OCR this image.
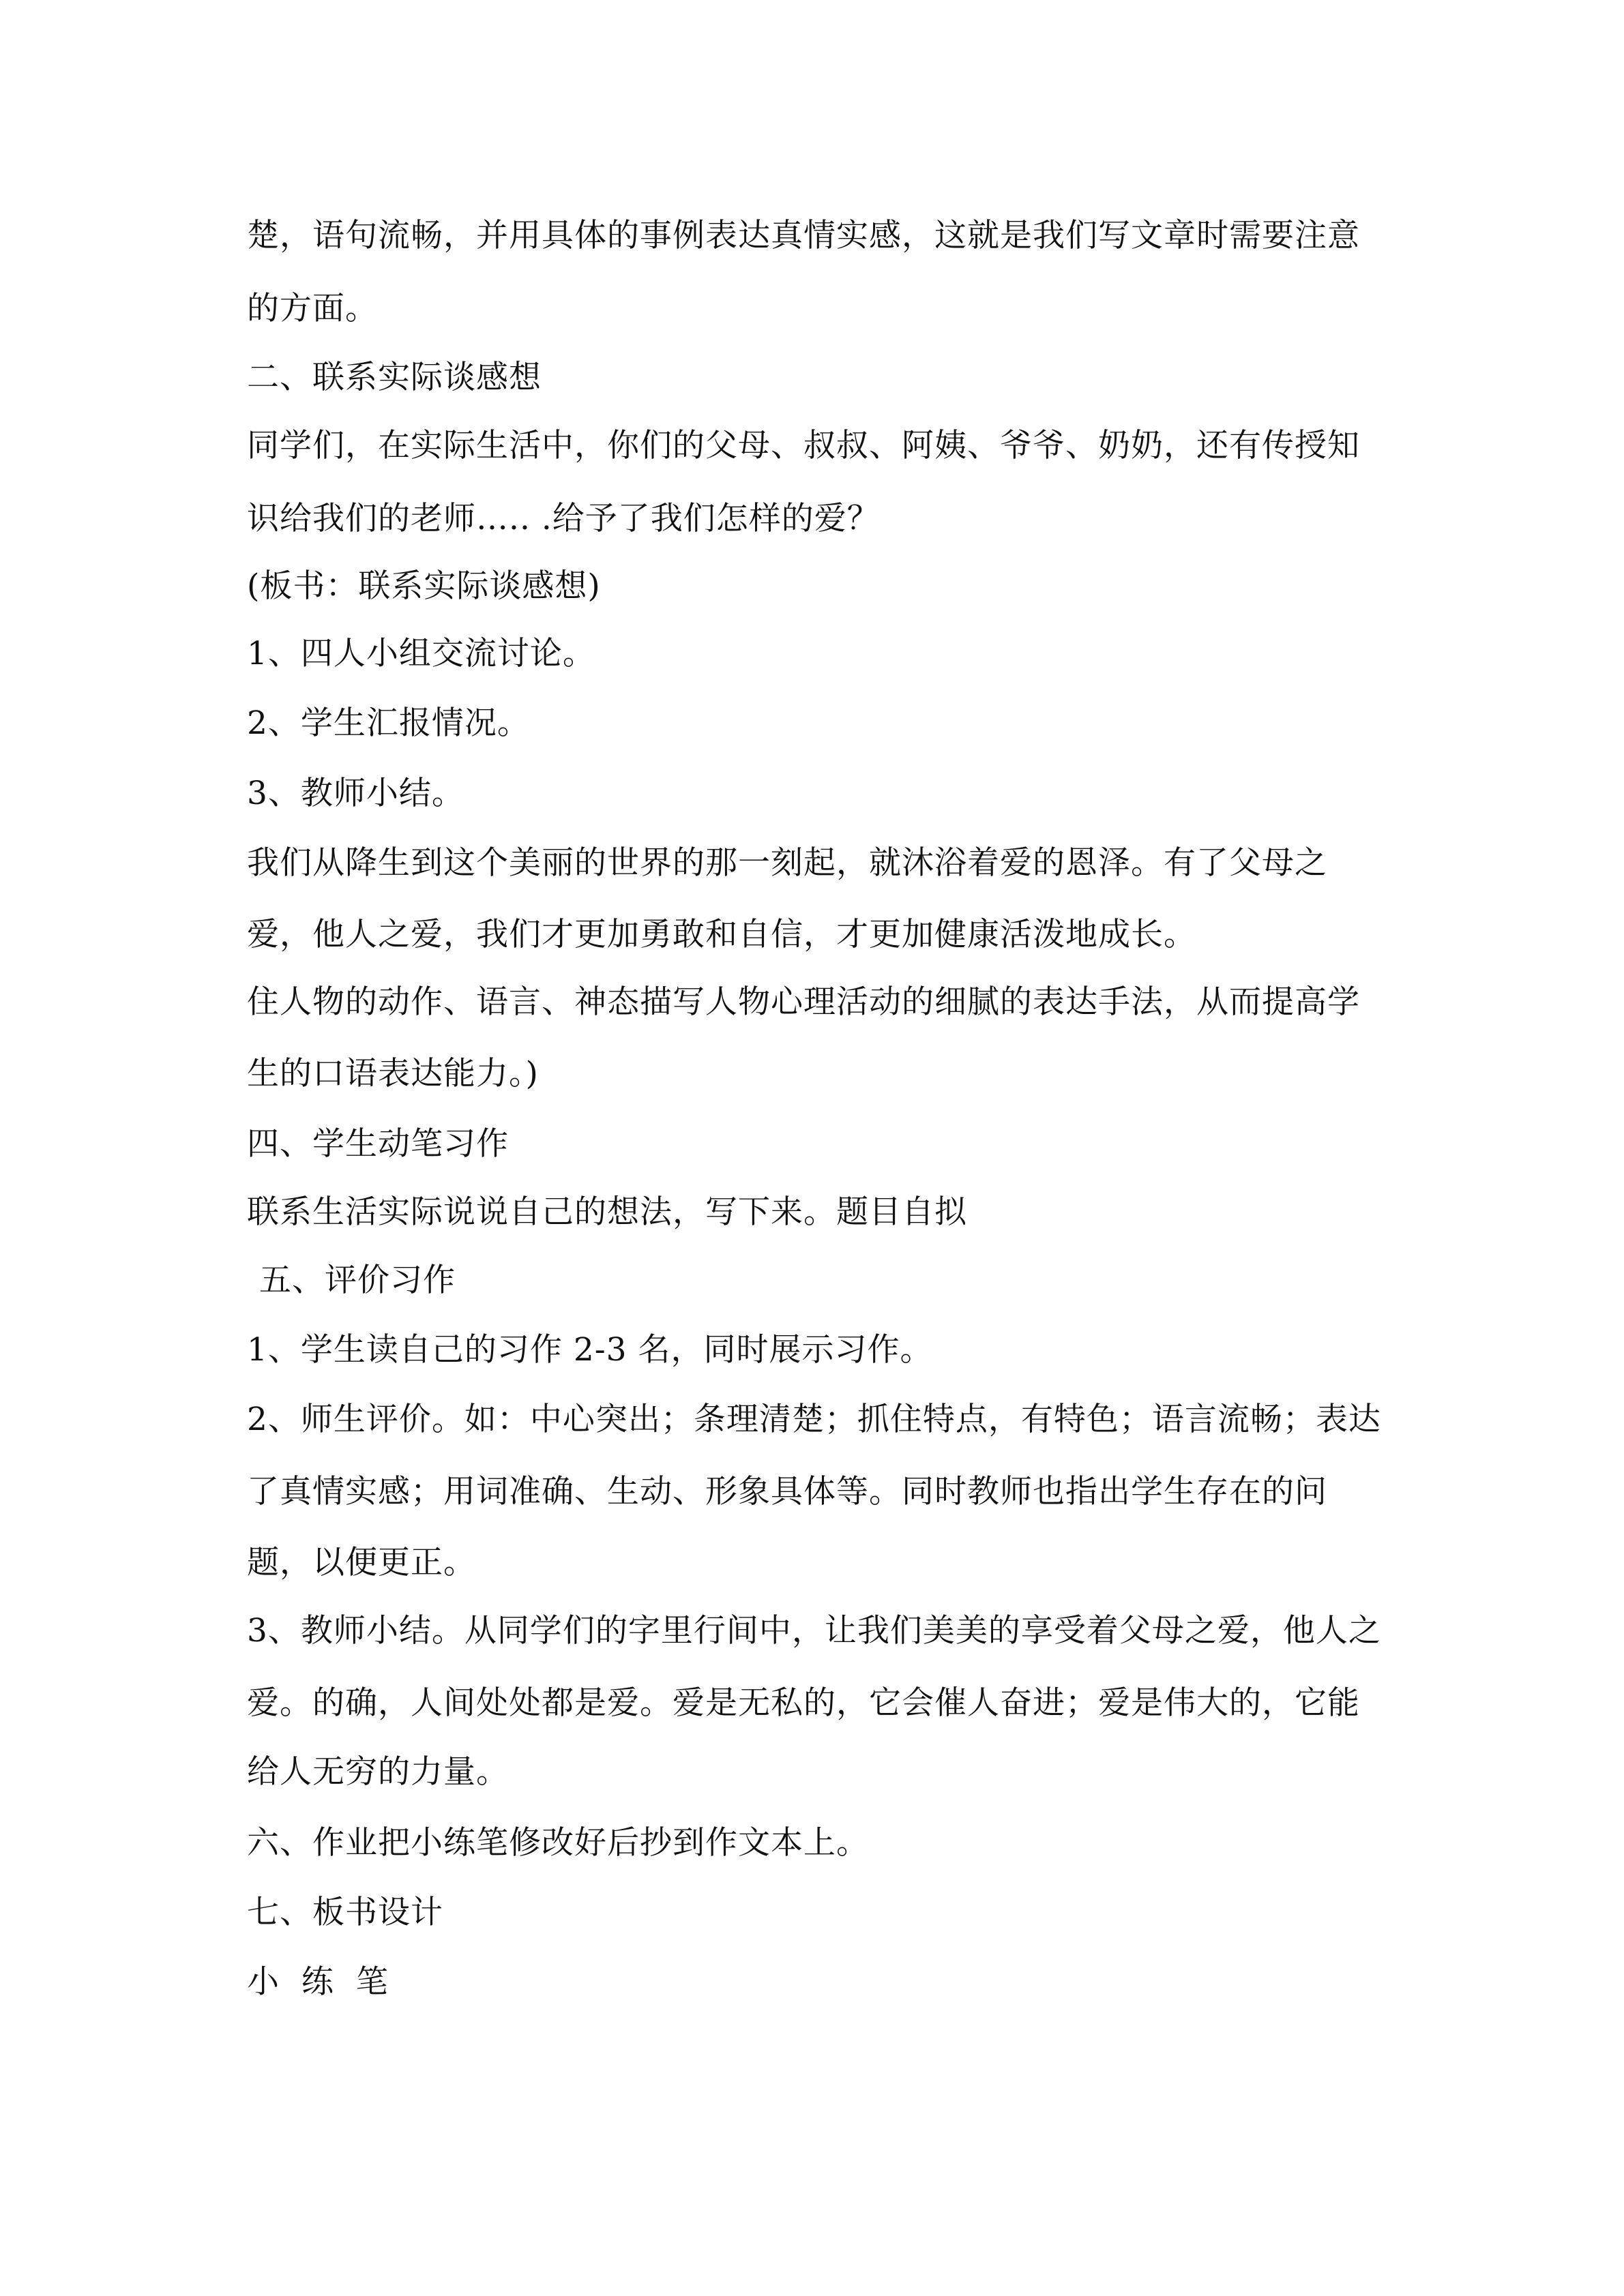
楚，语句流畅，并用具体的事例表达真情实感，这就是我们写文章时需要注意
的方面。
二、联系实际谈感想
同学们，在实际生活中，你们的父母、叔叔、阿姨、爷爷、奶奶，还有传授知
识给我们的老师….. .给予了我们怎样的爱？
(板书：联系实际谈感想)
1、四人小组交流讨论。
2、学生汇报情况。
3、教师小结。
我们从降生到这个美丽的世界的那一刻起，就沐浴着爱的恩泽。有了父母之
爱，他人之爱，我们才更加勇敢和自信，才更加健康活泼地成长。
住人物的动作、语言、神态描写人物心理活动的细腻的表达手法，从而提高学
生的口语表达能力。)
四、学生动笔习作
联系生活实际说说自己的想法，写下来。题目自拟
五、评价习作
1、学生读自己的习作 2-3 名，同时展示习作。
2、师生评价。如：中心突出；条理清楚；抓住特点，有特色；语言流畅；表达
了真情实感；用词准确、生动、形象具体等。同时教师也指出学生存在的问
题，以便更正。
3、教师小结。从同学们的字里行间中，让我们美美的享受着父母之爱，他人之
爱。的确，人间处处都是爱。爱是无私的，它会催人奋进；爱是伟大的，它能
给人无穷的力量。
六、作业把小练笔修改好后抄到作文本上。
七、板书设计
小  练  笔
